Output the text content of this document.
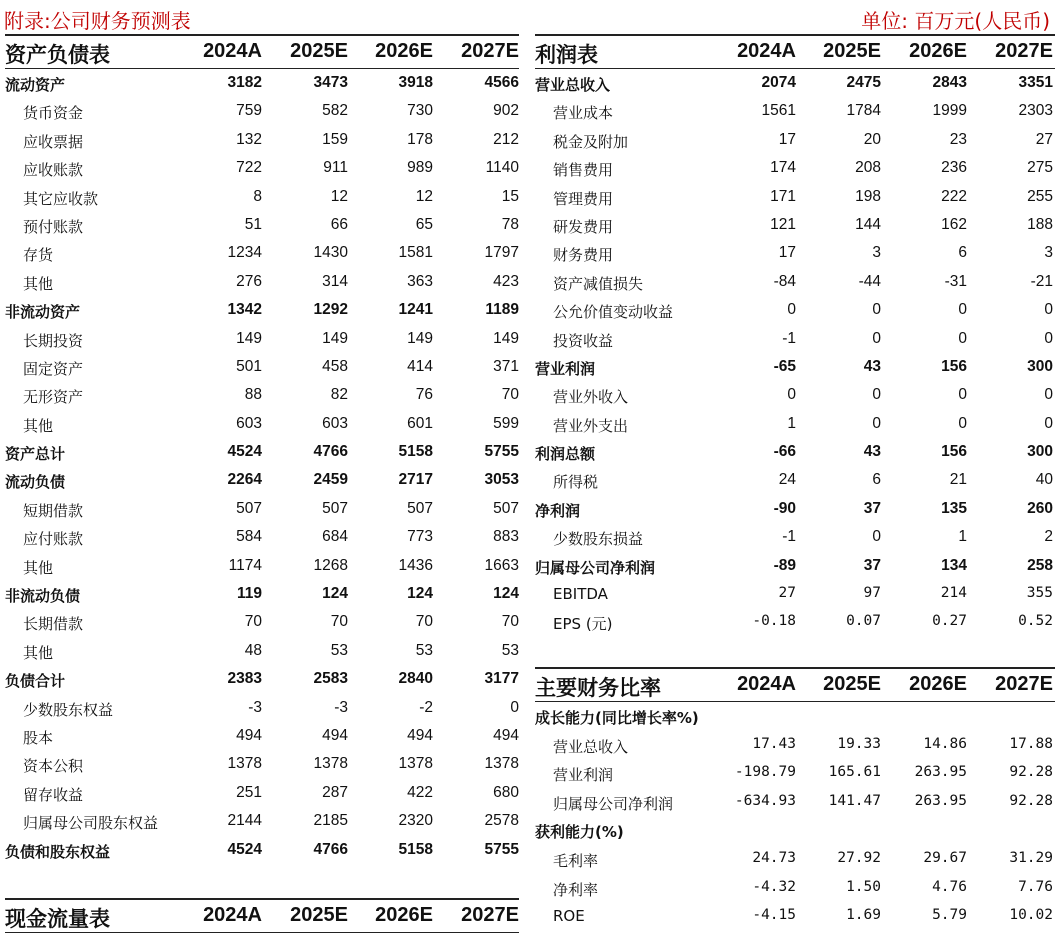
附录:公司财务预测表	单位: 百万元(人民币)
资产负债表	2024A	2025E	2026E	2027E
流动资产	3182	3473	3918	4566
货币资金	759	582	730	902
应收票据	132	159	178	212
应收账款	722	911	989	1140
其它应收款	8	12	12	15
预付账款	51	66	65	78
存货	1234	1430	1581	1797
其他	276	314	363	423
非流动资产	1342	1292	1241	1189
长期投资	149	149	149	149
固定资产	501	458	414	371
无形资产	88	82	76	70
其他	603	603	601	599
资产总计	4524	4766	5158	5755
流动负债	2264	2459	2717	3053
短期借款	507	507	507	507
应付账款	584	684	773	883
其他	1174	1268	1436	1663
非流动负债	119	124	124	124
长期借款	70	70	70	70
其他	48	53	53	53
负债合计	2383	2583	2840	3177
少数股东权益	-3	-3	-2	0
股本	494	494	494	494
资本公积	1378	1378	1378	1378
留存收益	251	287	422	680
归属母公司股东权益	2144	2185	2320	2578
负债和股东权益	4524	4766	5158	5755
现金流量表	2024A	2025E	2026E	2027E
利润表	2024A	2025E	2026E	2027E
营业总收入	2074	2475	2843	3351
营业成本	1561	1784	1999	2303
税金及附加	17	20	23	27
销售费用	174	208	236	275
管理费用	171	198	222	255
研发费用	121	144	162	188
财务费用	17	3	6	3
资产减值损失	-84	-44	-31	-21
公允价值变动收益	0	0	0	0
投资收益	-1	0	0	0
营业利润	-65	43	156	300
营业外收入	0	0	0	0
营业外支出	1	0	0	0
利润总额	-66	43	156	300
所得税	24	6	21	40
净利润	-90	37	135	260
少数股东损益	-1	0	1	2
归属母公司净利润	-89	37	134	258
EBITDA	27	97	214	355
EPS (元)	-0.18	0.07	0.27	0.52
主要财务比率	2024A	2025E	2026E	2027E
成长能力(同比增长率%)
营业总收入	17.43	19.33	14.86	17.88
营业利润	-198.79	165.61	263.95	92.28
归属母公司净利润	-634.93	141.47	263.95	92.28
获利能力(%)
毛利率	24.73	27.92	29.67	31.29
净利率	-4.32	1.50	4.76	7.76
ROE	-4.15	1.69	5.79	10.02
